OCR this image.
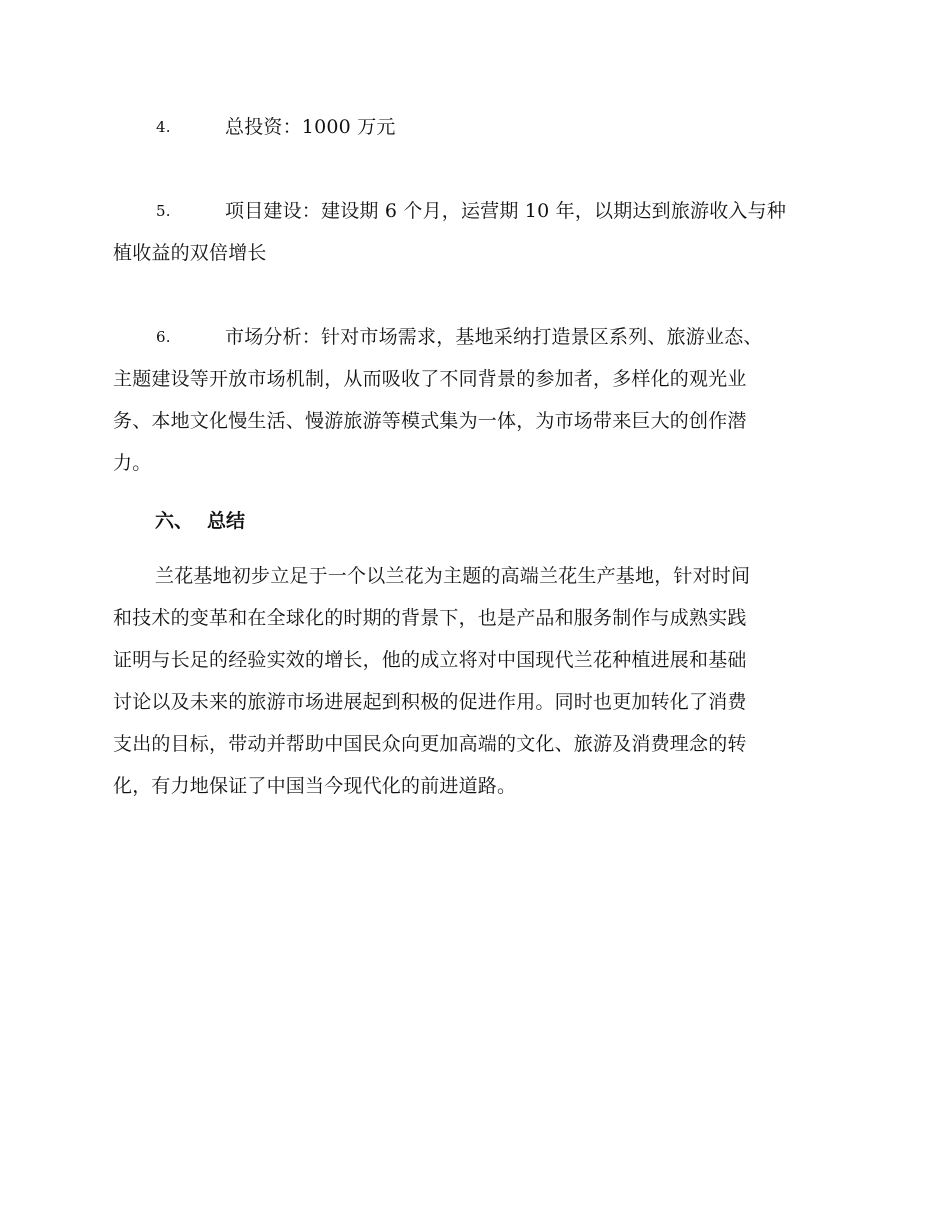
4.	总投资：1000 万元
5.	项目建设：建设期 6 个月，运营期 10 年，以期达到旅游收入与种
植收益的双倍增长
6.	市场分析：针对市场需求，基地采纳打造景区系列、旅游业态、
主题建设等开放市场机制，从而吸收了不同背景的参加者，多样化的观光业
务、本地文化慢生活、慢游旅游等模式集为一体，为市场带来巨大的创作潜
力。
六、 总结
兰花基地初步立足于一个以兰花为主题的高端兰花生产基地，针对时间
和技术的变革和在全球化的时期的背景下，也是产品和服务制作与成熟实践
证明与长足的经验实效的增长，他的成立将对中国现代兰花种植进展和基础
讨论以及未来的旅游市场进展起到积极的促进作用。同时也更加转化了消费
支出的目标，带动并帮助中国民众向更加高端的文化、旅游及消费理念的转
化，有力地保证了中国当今现代化的前进道路。
